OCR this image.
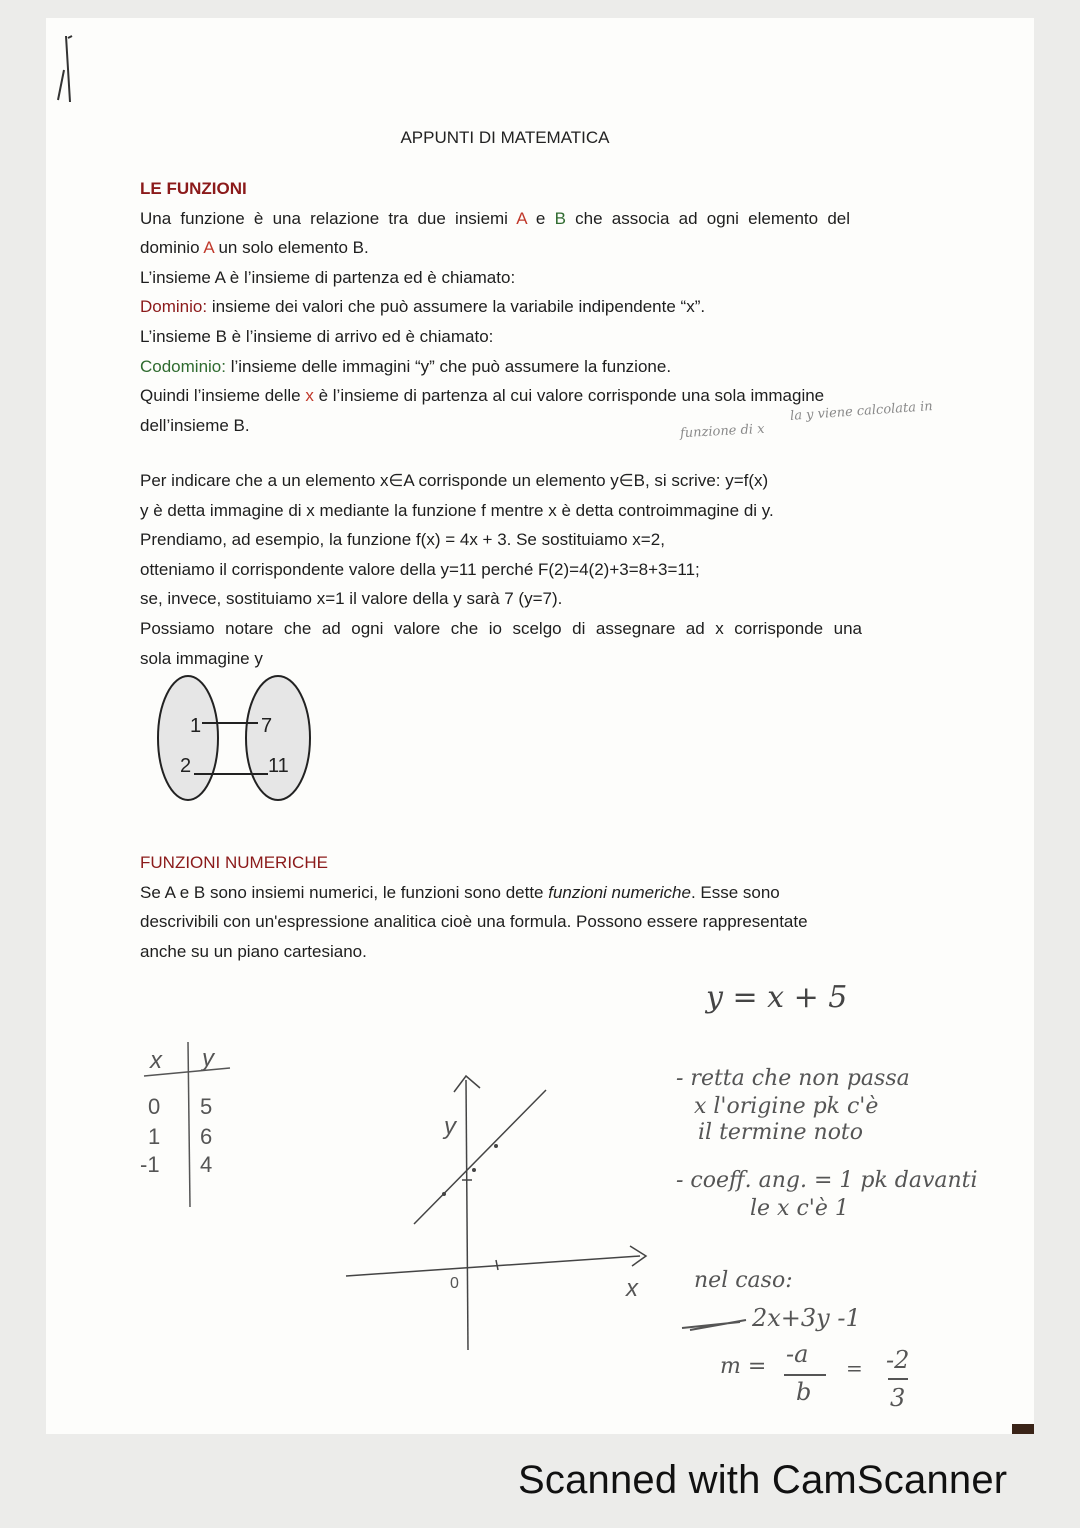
APPUNTI DI MATEMATICA

LE FUNZIONI

Una funzione è una relazione tra due insiemi A e B che associa ad ogni elemento del

dominio A un solo elemento B.

L’insieme A è l’insieme di partenza ed è chiamato:

Dominio: insieme dei valori che può assumere la variabile indipendente “x”.

L’insieme B è l’insieme di arrivo ed è chiamato:

Codominio: l’insieme delle immagini “y” che può assumere la funzione.

Quindi l’insieme delle x è l’insieme di partenza al cui valore corrisponde una sola immagine

dell’insieme B.

la y viene calcolata in
funzione di x

Per indicare che a un elemento x∈A corrisponde un elemento y∈B, si scrive: y=f(x)

y è detta immagine di x mediante la funzione f mentre x è detta controimmagine di y.

Prendiamo, ad esempio, la funzione f(x) = 4x + 3. Se sostituiamo x=2,

otteniamo il corrispondente valore della y=11 perché F(2)=4(2)+3=8+3=11;

se, invece, sostituiamo x=1 il valore della y sarà 7 (y=7).

Possiamo notare che ad ogni valore che io scelgo di assegnare ad x corrisponde una

sola immagine y

1
2
7
11

FUNZIONI NUMERICHE

Se A e B sono insiemi numerici, le funzioni sono dette funzioni numeriche. Esse sono

descrivibili con un'espressione analitica cioè una formula. Possono essere rappresentate

anche su un piano cartesiano.

y = x + 5
x y
0 5
1 6
-1 4
y
x
0
- retta che non passa
x l'origine pk c'è
il termine noto
- coeff. ang. = 1 pk davanti
le x c'è 1
nel caso:
2x+3y -1
m = -a
b
= -2
3
Scanned with CamScanner
